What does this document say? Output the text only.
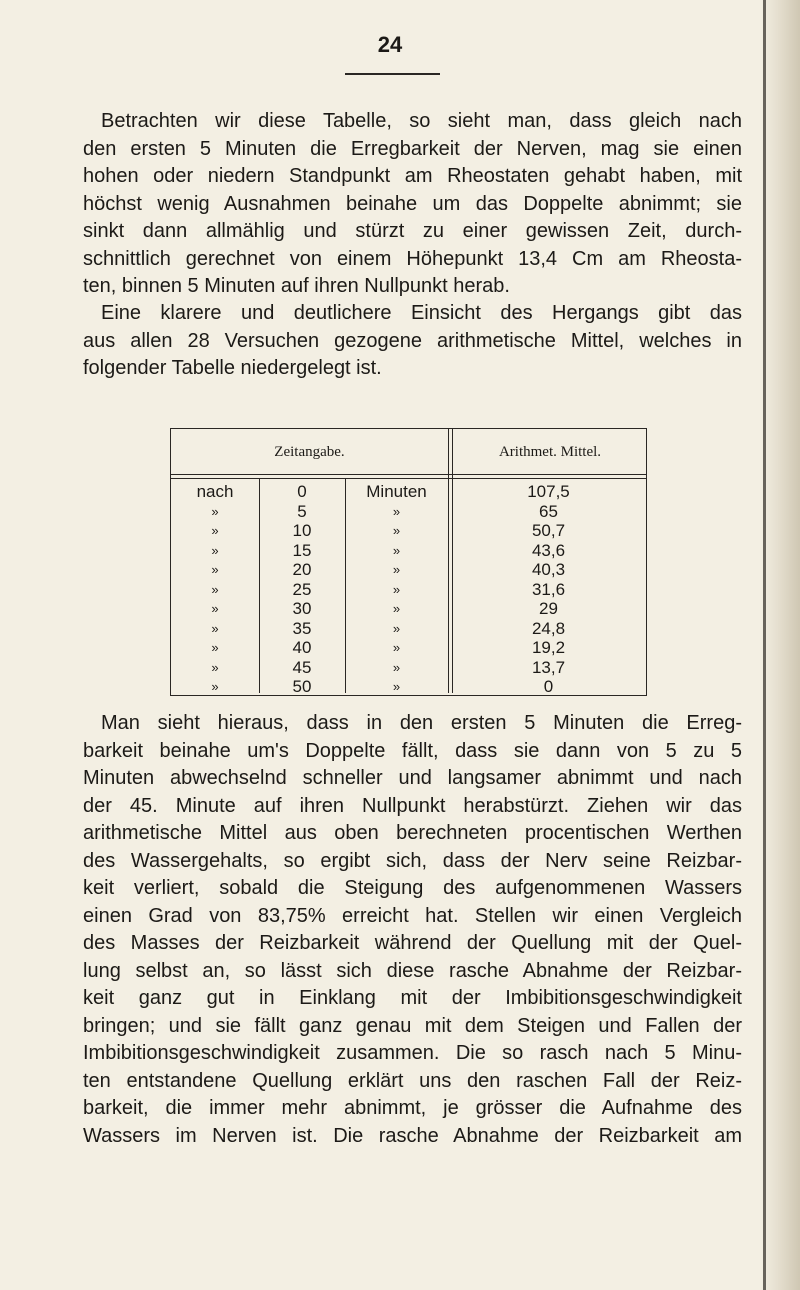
24
Betrachten wir diese Tabelle, so sieht man, dass gleich nach
den ersten 5 Minuten die Erregbarkeit der Nerven, mag sie einen
hohen oder niedern Standpunkt am Rheostaten gehabt haben, mit
höchst wenig Ausnahmen beinahe um das Doppelte abnimmt; sie
sinkt dann allmählig und stürzt zu einer gewissen Zeit, durch-
schnittlich gerechnet von einem Höhepunkt 13,4 Cm am Rheosta-
ten, binnen 5 Minuten auf ihren Nullpunkt herab.
Eine klarere und deutlichere Einsicht des Hergangs gibt das
aus allen 28 Versuchen gezogene arithmetische Mittel, welches in
folgender Tabelle niedergelegt ist.
Zeitangabe.	Arithmet. Mittel.
nach	0	Minuten	107,5
»	5	»	65
»	10	»	50,7
»	15	»	43,6
»	20	»	40,3
»	25	»	31,6
»	30	»	29
»	35	»	24,8
»	40	»	19,2
»	45	»	13,7
»	50	»	0
Man sieht hieraus, dass in den ersten 5 Minuten die Erreg-
barkeit beinahe um's Doppelte fällt, dass sie dann von 5 zu 5
Minuten abwechselnd schneller und langsamer abnimmt und nach
der 45. Minute auf ihren Nullpunkt herabstürzt. Ziehen wir das
arithmetische Mittel aus oben berechneten procentischen Werthen
des Wassergehalts, so ergibt sich, dass der Nerv seine Reizbar-
keit verliert, sobald die Steigung des aufgenommenen Wassers
einen Grad von 83,75% erreicht hat. Stellen wir einen Vergleich
des Masses der Reizbarkeit während der Quellung mit der Quel-
lung selbst an, so lässt sich diese rasche Abnahme der Reizbar-
keit ganz gut in Einklang mit der Imbibitionsgeschwindigkeit
bringen; und sie fällt ganz genau mit dem Steigen und Fallen der
Imbibitionsgeschwindigkeit zusammen. Die so rasch nach 5 Minu-
ten entstandene Quellung erklärt uns den raschen Fall der Reiz-
barkeit, die immer mehr abnimmt, je grösser die Aufnahme des
Wassers im Nerven ist. Die rasche Abnahme der Reizbarkeit am
